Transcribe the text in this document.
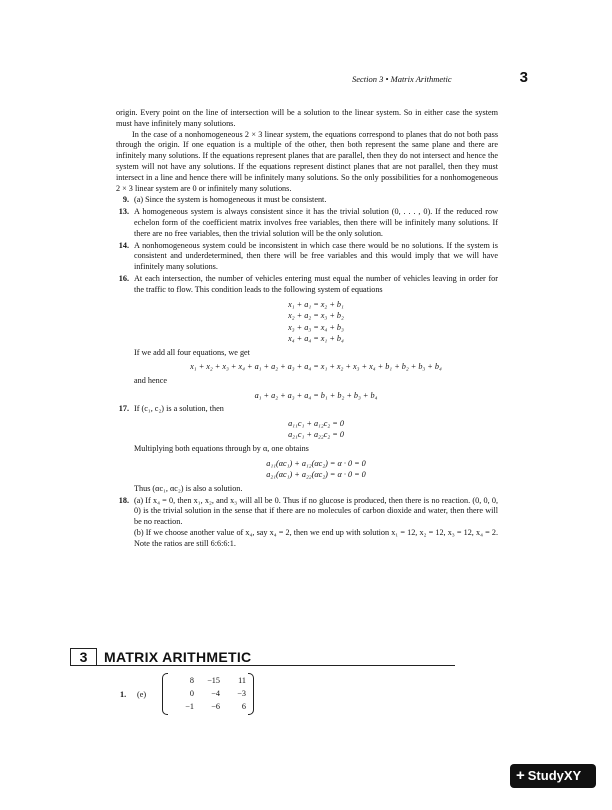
Section 3 • Matrix Arithmetic	3

origin. Every point on the line of intersection will be a solution to the linear system. So in either case the system must have infinitely many solutions.

In the case of a nonhomogeneous 2 × 3 linear system, the equations correspond to planes that do not both pass through the origin. If one equation is a multiple of the other, then both represent the same plane and there are infinitely many solutions. If the equations represent planes that are parallel, then they do not intersect and hence the system will not have any solutions. If the equations represent distinct planes that are not parallel, then they must intersect in a line and hence there will be infinitely many solutions. So the only possibilities for a nonhomogeneous 2 × 3 linear system are 0 or infinitely many solutions.

9. (a) Since the system is homogeneous it must be consistent.
13. A homogeneous system is always consistent since it has the trivial solution (0, . . . , 0). If the reduced row echelon form of the coefficient matrix involves free variables, then there will be infinitely many solutions. If there are no free variables, then the trivial solution will be the only solution.
14. A nonhomogeneous system could be inconsistent in which case there would be no solutions. If the system is consistent and underdetermined, then there will be free variables and this would imply that we will have infinitely many solutions.
16. At each intersection, the number of vehicles entering must equal the number of vehicles leaving in order for the traffic to flow. This condition leads to the following system of equations
x₁ + a₁ = x₂ + b₁
x₂ + a₂ = x₃ + b₂
x₃ + a₃ = x₄ + b₃
x₄ + a₄ = x₁ + b₄

If we add all four equations, we get

x₁ + x₂ + x₃ + x₄ + a₁ + a₂ + a₃ + a₄ = x₁ + x₂ + x₃ + x₄ + b₁ + b₂ + b₃ + b₄

and hence

a₁ + a₂ + a₃ + a₄ = b₁ + b₂ + b₃ + b₄
17. If (c₁, c₂) is a solution, then
a₁₁c₁ + a₁₂c₂ = 0
a₂₁c₁ + a₂₂c₂ = 0

Multiplying both equations through by α, one obtains

a₁₁(αc₁) + a₁₂(αc₂) = α · 0 = 0
a₂₁(αc₁) + a₂₂(αc₂) = α · 0 = 0

Thus (αc₁, αc₂) is also a solution.

18. (a) If x₄ = 0, then x₁, x₂, and x₃ will all be 0. Thus if no glucose is produced, then there is no reaction. (0, 0, 0, 0) is the trivial solution in the sense that if there are no molecules of carbon dioxide and water, then there will be no reaction.

(b) If we choose another value of x₄, say x₄ = 2, then we end up with solution x₁ = 12, x₂ = 12, x₃ = 12, x₄ = 2. Note the ratios are still 6:6:6:1.

3	MATRIX ARITHMETIC
1. (e)
8	−15	11
0	−4	−3
−1	−6	6
+ StudyXY
